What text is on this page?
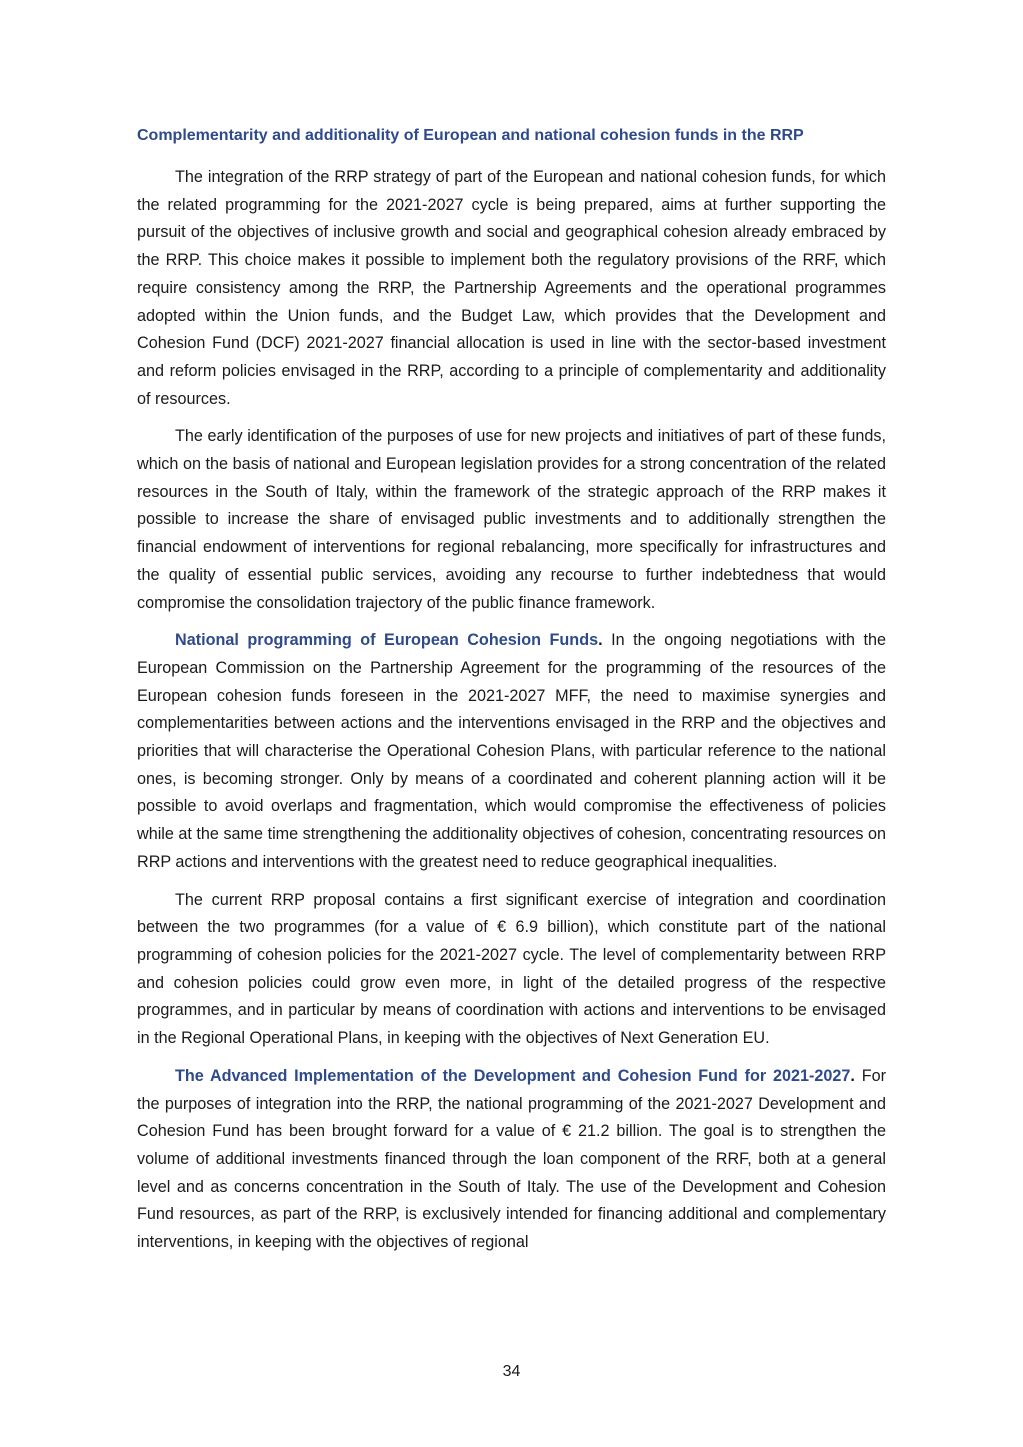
Complementarity and additionality of European and national cohesion funds in the RRP

The integration of the RRP strategy of part of the European and national cohesion funds, for which the related programming for the 2021-2027 cycle is being prepared, aims at further supporting the pursuit of the objectives of inclusive growth and social and geographical cohesion already embraced by the RRP. This choice makes it possible to implement both the regulatory provisions of the RRF, which require consistency among the RRP, the Partnership Agreements and the operational programmes adopted within the Union funds, and the Budget Law, which provides that the Development and Cohesion Fund (DCF) 2021-2027 financial allocation is used in line with the sector-based investment and reform policies envisaged in the RRP, according to a principle of complementarity and additionality of resources.

The early identification of the purposes of use for new projects and initiatives of part of these funds, which on the basis of national and European legislation provides for a strong concentration of the related resources in the South of Italy, within the framework of the strategic approach of the RRP makes it possible to increase the share of envisaged public investments and to additionally strengthen the financial endowment of interventions for regional rebalancing, more specifically for infrastructures and the quality of essential public services, avoiding any recourse to further indebtedness that would compromise the consolidation trajectory of the public finance framework.

National programming of European Cohesion Funds. In the ongoing negotiations with the European Commission on the Partnership Agreement for the programming of the resources of the European cohesion funds foreseen in the 2021-2027 MFF, the need to maximise synergies and complementarities between actions and the interventions envisaged in the RRP and the objectives and priorities that will characterise the Operational Cohesion Plans, with particular reference to the national ones, is becoming stronger. Only by means of a coordinated and coherent planning action will it be possible to avoid overlaps and fragmentation, which would compromise the effectiveness of policies while at the same time strengthening the additionality objectives of cohesion, concentrating resources on RRP actions and interventions with the greatest need to reduce geographical inequalities.

The current RRP proposal contains a first significant exercise of integration and coordination between the two programmes (for a value of € 6.9 billion), which constitute part of the national programming of cohesion policies for the 2021-2027 cycle. The level of complementarity between RRP and cohesion policies could grow even more, in light of the detailed progress of the respective programmes, and in particular by means of coordination with actions and interventions to be envisaged in the Regional Operational Plans, in keeping with the objectives of Next Generation EU.

The Advanced Implementation of the Development and Cohesion Fund for 2021-2027. For the purposes of integration into the RRP, the national programming of the 2021-2027 Development and Cohesion Fund has been brought forward for a value of € 21.2 billion. The goal is to strengthen the volume of additional investments financed through the loan component of the RRF, both at a general level and as concerns concentration in the South of Italy. The use of the Development and Cohesion Fund resources, as part of the RRP, is exclusively intended for financing additional and complementary interventions, in keeping with the objectives of regional

34
